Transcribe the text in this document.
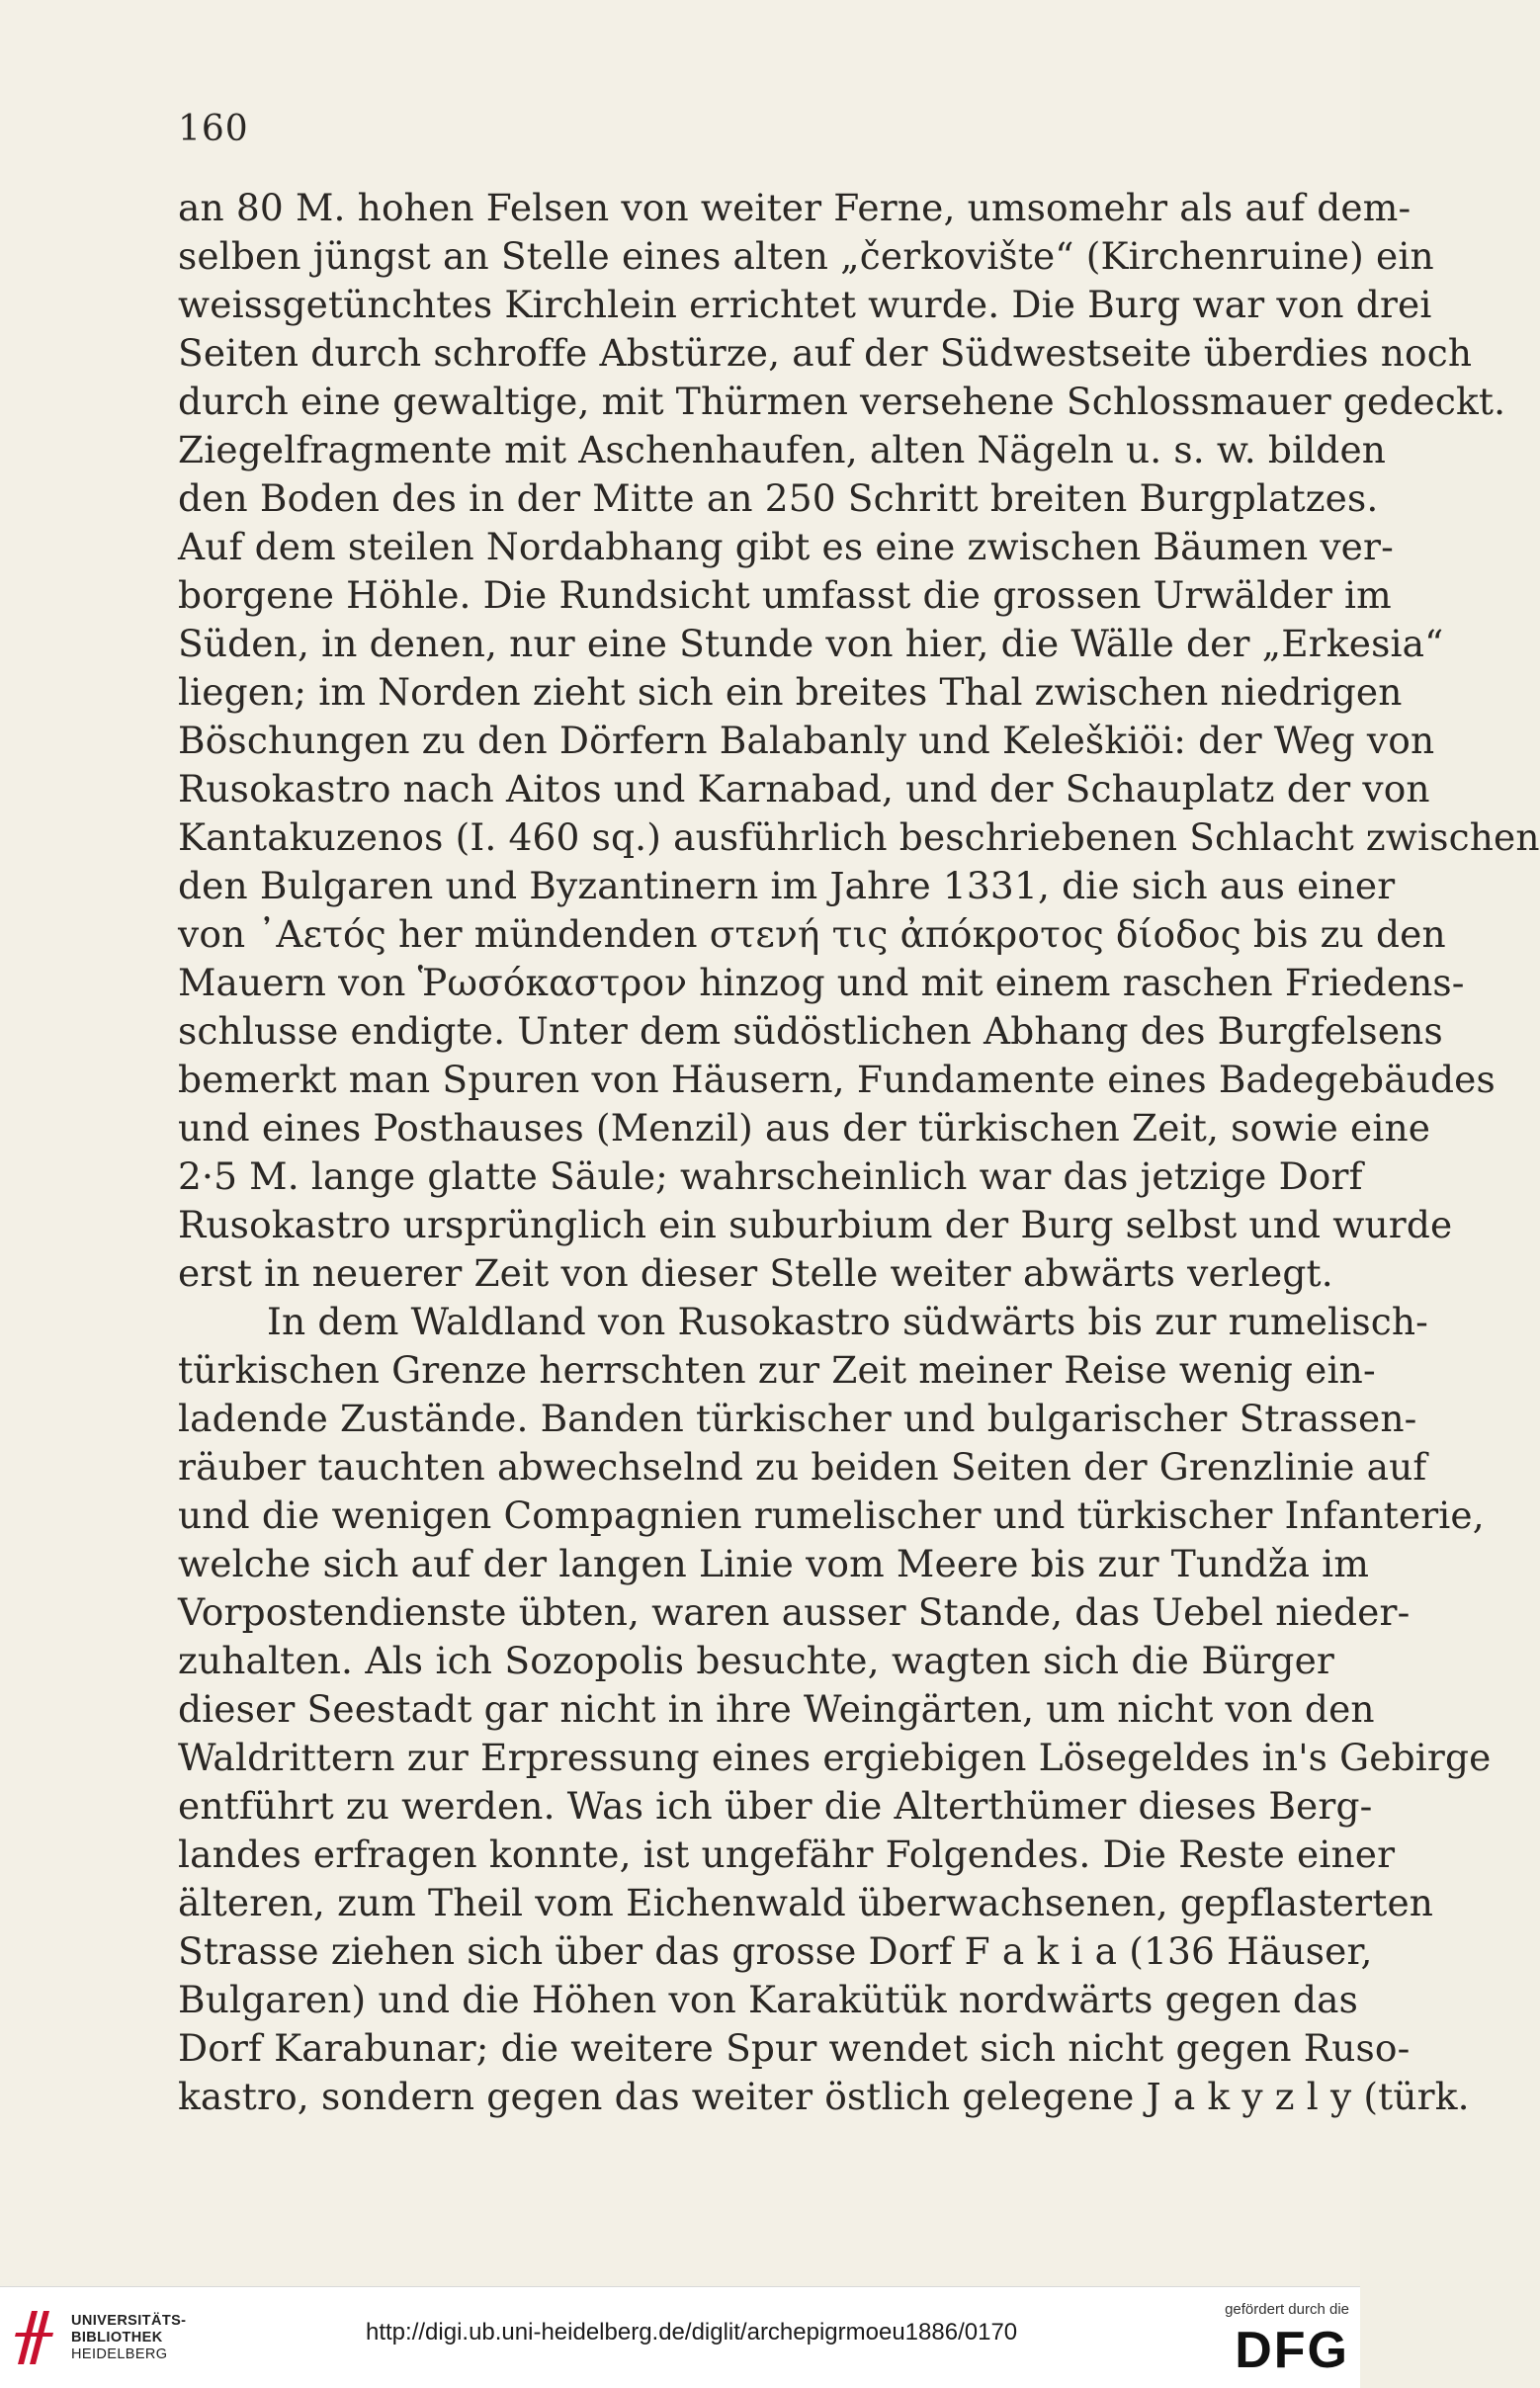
160
an 80 M. hohen Felsen von weiter Ferne, umsomehr als auf dem-
selben jüngst an Stelle eines alten „čerkovište“ (Kirchenruine) ein
weissgetünchtes Kirchlein errichtet wurde. Die Burg war von drei
Seiten durch schroffe Abstürze, auf der Südwestseite überdies noch
durch eine gewaltige, mit Thürmen versehene Schlossmauer gedeckt.
Ziegelfragmente mit Aschenhaufen, alten Nägeln u. s. w. bilden
den Boden des in der Mitte an 250 Schritt breiten Burgplatzes.
Auf dem steilen Nordabhang gibt es eine zwischen Bäumen ver-
borgene Höhle. Die Rundsicht umfasst die grossen Urwälder im
Süden, in denen, nur eine Stunde von hier, die Wälle der „Erkesia“
liegen; im Norden zieht sich ein breites Thal zwischen niedrigen
Böschungen zu den Dörfern Balabanly und Keleškiöi: der Weg von
Rusokastro nach Aitos und Karnabad, und der Schauplatz der von
Kantakuzenos (I. 460 sq.) ausführlich beschriebenen Schlacht zwischen
den Bulgaren und Byzantinern im Jahre 1331, die sich aus einer
von ᾿Αετός her mündenden στενή τις ἀπόκροτος δίοδος bis zu den
Mauern von Ῥωσόκαστρον hinzog und mit einem raschen Friedens-
schlusse endigte. Unter dem südöstlichen Abhang des Burgfelsens
bemerkt man Spuren von Häusern, Fundamente eines Badegebäudes
und eines Posthauses (Menzil) aus der türkischen Zeit, sowie eine
2·5 M. lange glatte Säule; wahrscheinlich war das jetzige Dorf
Rusokastro ursprünglich ein suburbium der Burg selbst und wurde
erst in neuerer Zeit von dieser Stelle weiter abwärts verlegt.
In dem Waldland von Rusokastro südwärts bis zur rumelisch-
türkischen Grenze herrschten zur Zeit meiner Reise wenig ein-
ladende Zustände. Banden türkischer und bulgarischer Strassen-
räuber tauchten abwechselnd zu beiden Seiten der Grenzlinie auf
und die wenigen Compagnien rumelischer und türkischer Infanterie,
welche sich auf der langen Linie vom Meere bis zur Tundža im
Vorpostendienste übten, waren ausser Stande, das Uebel nieder-
zuhalten. Als ich Sozopolis besuchte, wagten sich die Bürger
dieser Seestadt gar nicht in ihre Weingärten, um nicht von den
Waldrittern zur Erpressung eines ergiebigen Lösegeldes in's Gebirge
entführt zu werden. Was ich über die Alterthümer dieses Berg-
landes erfragen konnte, ist ungefähr Folgendes. Die Reste einer
älteren, zum Theil vom Eichenwald überwachsenen, gepflasterten
Strasse ziehen sich über das grosse Dorf F a k i a (136 Häuser,
Bulgaren) und die Höhen von Karakütük nordwärts gegen das
Dorf Karabunar; die weitere Spur wendet sich nicht gegen Ruso-
kastro, sondern gegen das weiter östlich gelegene J a k y z l y (türk.
UNIVERSITÄTS-
BIBLIOTHEK
HEIDELBERG
http://digi.ub.uni-heidelberg.de/diglit/archepigrmoeu1886/0170
gefördert durch die
DFG
